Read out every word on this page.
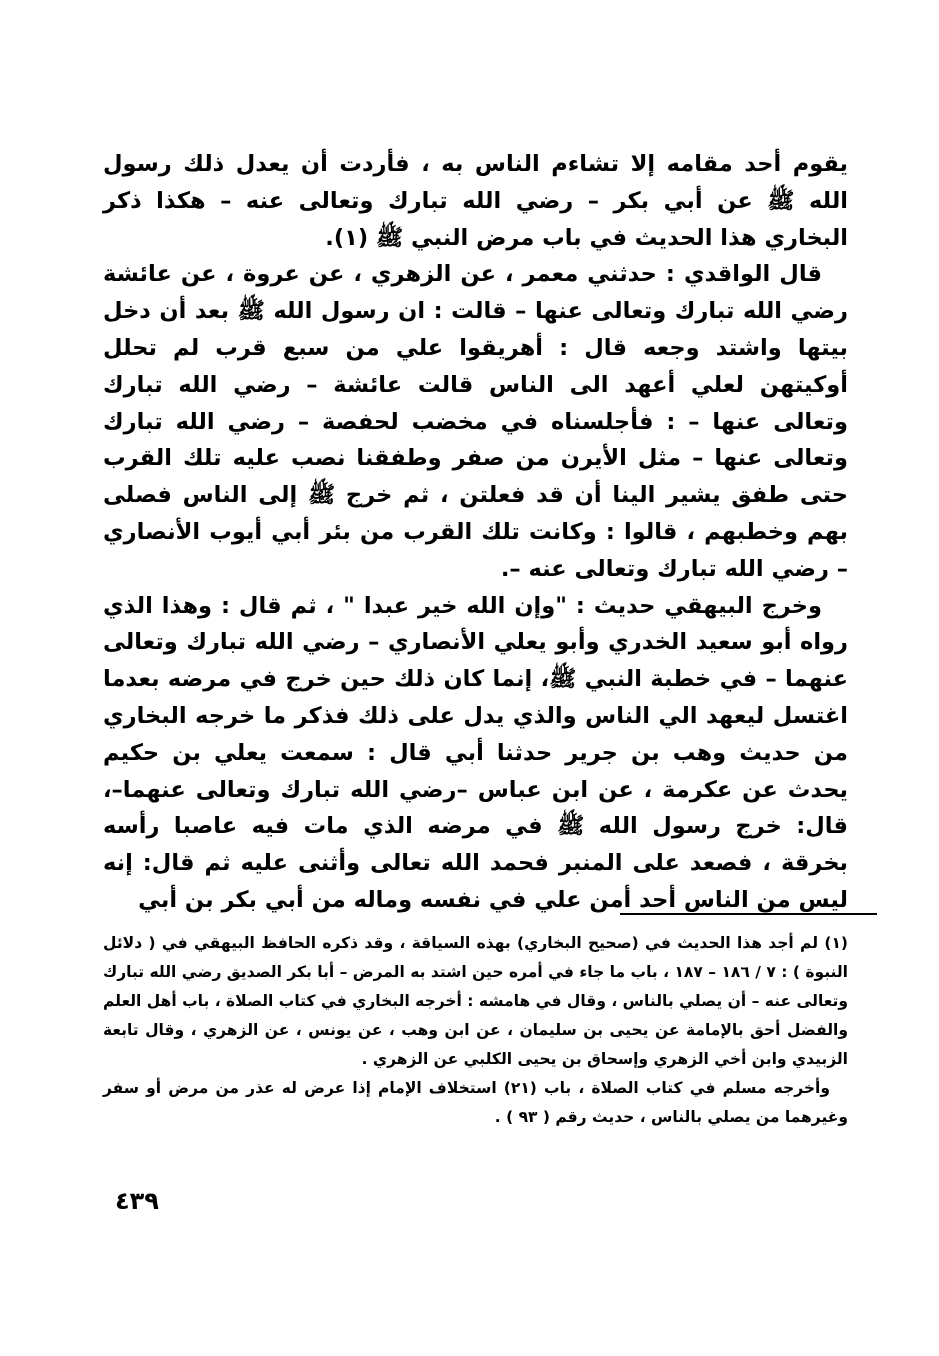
يقوم أحد مقامه إلا تشاءم الناس به ، فأردت أن يعدل ذلك رسول الله ﷺ عن أبي بكر – رضي الله تبارك وتعالى عنه – هكذا ذكر البخاري هذا الحديث في باب مرض النبي ﷺ (١).

قال الواقدي : حدثني معمر ، عن الزهري ، عن عروة ، عن عائشة رضي الله تبارك وتعالى عنها – قالت : ان رسول الله ﷺ بعد أن دخل بيتها واشتد وجعه قال : أهريقوا علي من سبع قرب لم تحلل أوكيتهن لعلي أعهد الى الناس قالت عائشة – رضي الله تبارك وتعالى عنها – : فأجلسناه في مخضب لحفصة – رضي الله تبارك وتعالى عنها – مثل الأيرن من صفر وطفقنا نصب عليه تلك القرب حتى طفق يشير الينا أن قد فعلتن ، ثم خرج ﷺ إلى الناس فصلى بهم وخطبهم ، قالوا : وكانت تلك القرب من بئر أبي أيوب الأنصاري – رضي الله تبارك وتعالى عنه –.

وخرج البيهقي حديث : "وإن الله خير عبدا " ، ثم قال : وهذا الذي رواه أبو سعيد الخدري وأبو يعلي الأنصاري – رضي الله تبارك وتعالى عنهما – في خطبة النبي ﷺ، إنما كان ذلك حين خرج في مرضه بعدما اغتسل ليعهد الي الناس والذي يدل على ذلك فذكر ما خرجه البخاري من حديث وهب بن جرير حدثنا أبي قال : سمعت يعلي بن حكيم يحدث عن عكرمة ، عن ابن عباس –رضي الله تبارك وتعالى عنهما–، قال: خرج رسول الله ﷺ في مرضه الذي مات فيه عاصبا رأسه بخرقة ، فصعد على المنبر فحمد الله تعالى وأثنى عليه ثم قال: إنه ليس من الناس أحد أمن علي في نفسه وماله من أبي بكر بن أبي

(١) لم أجد هذا الحديث في (صحيح البخاري) بهذه السياقة ، وقد ذكره الحافظ البيهقي في ( دلائل النبوة ) : ٧ / ١٨٦ – ١٨٧ ، باب ما جاء في أمره حين اشتد به المرض – أبا بكر الصديق رضي الله تبارك وتعالى عنه – أن يصلي بالناس ، وقال في هامشه : أخرجه البخاري في كتاب الصلاة ، باب أهل العلم والفضل أحق بالإمامة عن يحيى بن سليمان ، عن ابن وهب ، عن يونس ، عن الزهري ، وقال تابعة الزبيدي وابن أخي الزهري وإسحاق بن يحيى الكلبي عن الزهري .

وأخرجه مسلم في كتاب الصلاة ، باب (٢١) استخلاف الإمام إذا عرض له عذر من مرض أو سفر وغيرهما من يصلي بالناس ، حديث رقم ( ٩٣ ) .

٤٣٩
